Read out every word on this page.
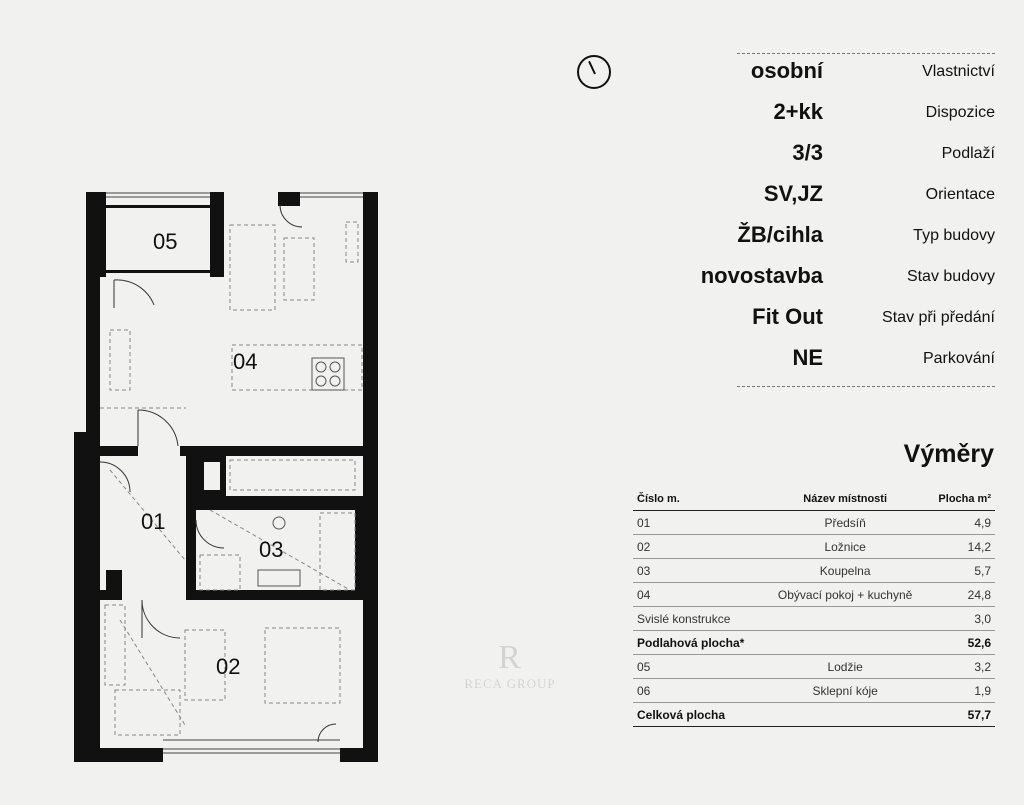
05
04
01
03
02
osobní	Vlastnictví
2+kk	Dispozice
3/3	Podlaží
SV,JZ	Orientace
ŽB/cihla	Typ budovy
novostavba	Stav budovy
Fit Out	Stav při předání
NE	Parkování
Výměry
Číslo m.	Název místnosti	Plocha m²
01	Předsíň	4,9
02	Ložnice	14,2
03	Koupelna	5,7
04	Obývací pokoj + kuchyně	24,8
Svislé konstrukce		3,0
Podlahová plocha*		52,6
05	Lodžie	3,2
06	Sklepní kóje	1,9
Celková plocha		57,7
R
RECA GROUP
